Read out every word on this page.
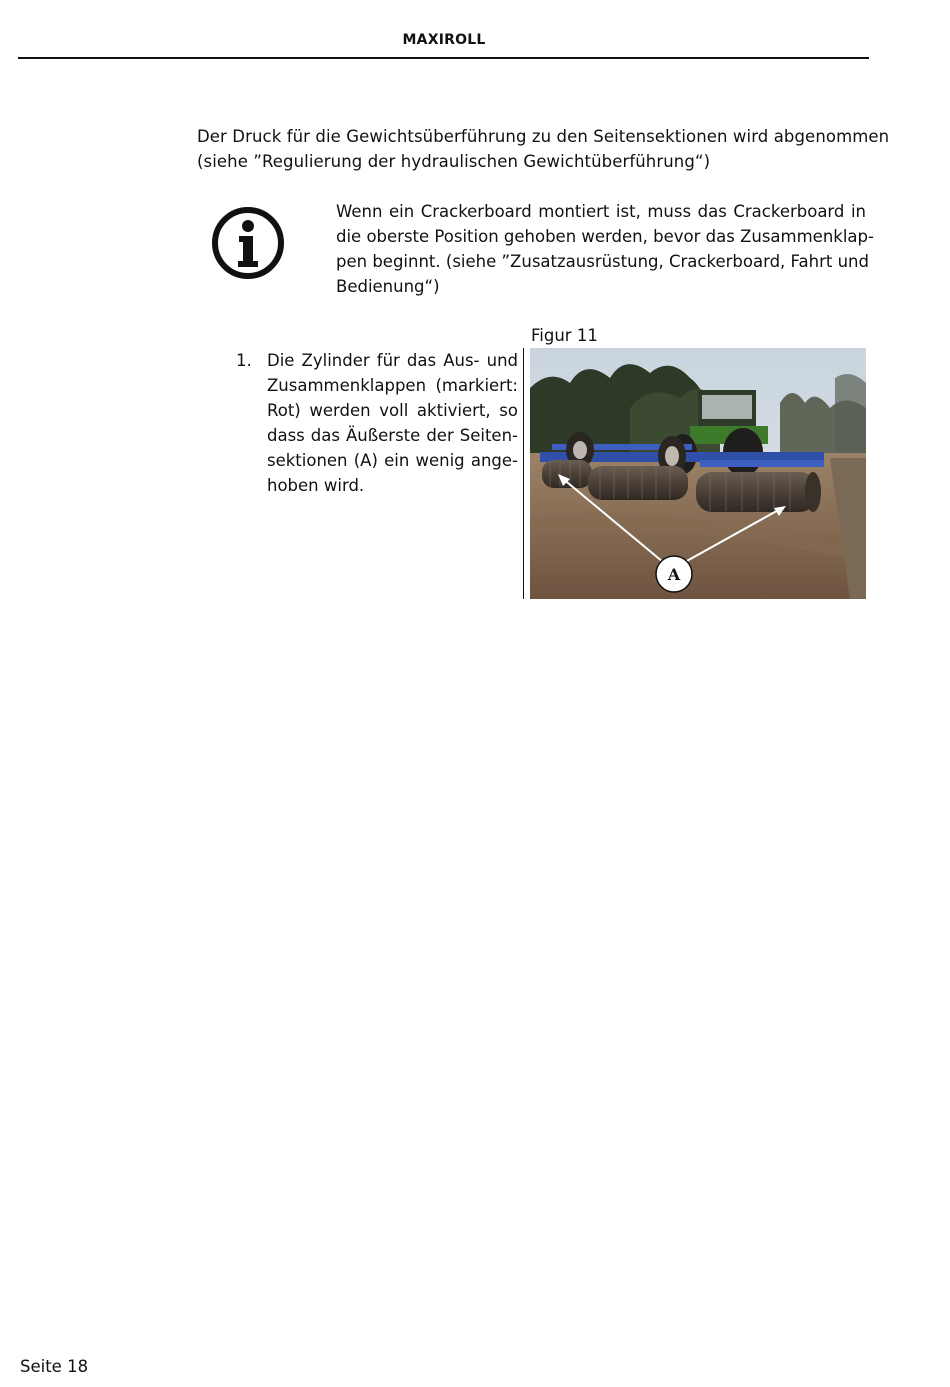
MAXIROLL
Der Druck für die Gewichtsüberführung zu den Seitensektionen wird abgenommen
(siehe ”Regulierung der hydraulischen Gewichtüberführung“)
Wenn ein Crackerboard montiert ist, muss das Crackerboard in
die oberste Position gehoben werden, bevor das Zusammenklap-
pen beginnt. (siehe ”Zusatzausrüstung, Crackerboard, Fahrt und
Bedienung“)
Figur 11
1. Die Zylinder für das Aus- und
Zusammenklappen (markiert:
Rot) werden voll aktiviert, so
dass das Äußerste der Seiten-
sektionen (A) ein wenig ange-
hoben wird.
A
Seite 18
